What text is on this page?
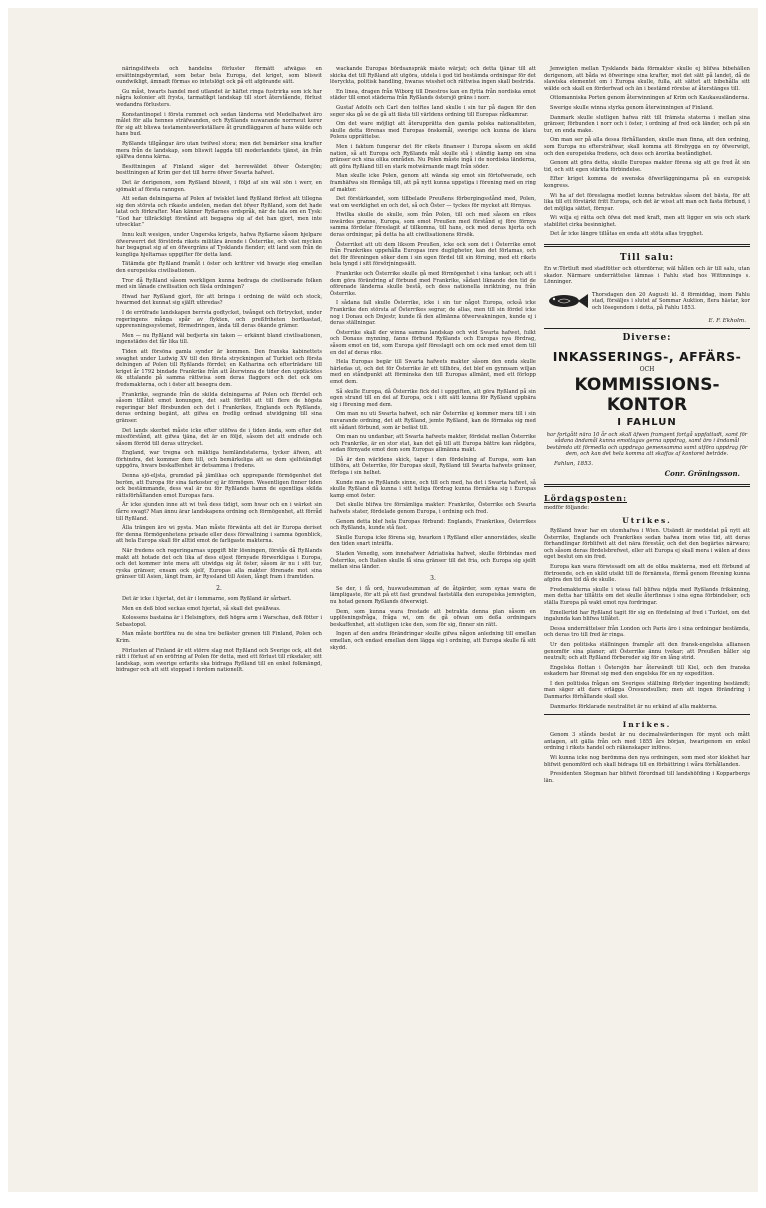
näringslifwets och handelns förluster förmått afwägas en ersättningsbyrmtad, som betar bela Europa, det kriget, som bliswit oundwikligt, ämnadt förmas eo intetslögt ock på ett afgörande sätt.

Gu måst, hwarts handel med utlandet är häftet ringa fustrirka som ick har några kolonier att frysta, tarmatikpt landskap till stort återstående, förlust wedandra förlusters.

Konstantinopel i första rummet och sedan länderna wid Medelhafwet äro målet för alla hennes sträfwanden, och Ryßlands nuwarande norrneut kerer för sig att bliswa testamentswerkställare åt grundläggaren af hans wälde och hans bud.

Ryßlands tillgångar äro utan twifwel stora; men det bemärker sina krafter mera från de landskap, som bliswit laggda till moderlandets tjänst, än från själfwa denna kärna.

Besittningen af Finland säger det herrewäldet öfwer Östersjön; besittningen af Krim ger det till herre öfwer Swarta hafwet.

Det är derigenom, som Ryßland bliswit, i följd af sin wäl sön i werr, en sjömakt af första ranngen.

Att sedan delningarna af Polen af twisklet land Ryßland förfest att tillegna sig den största och rikaste andelen, medan det öfwer Ryßland, som det hade latat och förkrafter. Man känner Ryßarnes ordspråk, när de tala om en Tysk: ”God har tillräckligt förstånd att begagna sig af det han gjort, men inte utvecklar.”

Innu kult wesigen, under Ungerska krigets, hafwa Ryßarne såsom hjelpare öfwerwerrt det förstörda rikets militära ärende i Österrike, och väst mycken har begagnat sig af en öfwergräns af Tysklands fiender; ett land som från de kungliga hjeltarnas uppgifter för detta land.

Tätämda gör Ryßland framåt i öster och krittrer vid hwarje steg emellan den europeiska ciwilisationen.

Tror då Ryßland såsom werkligen kunna bedraga de ciwiliserade folken med sin lånade ciwilisation och fäsla ordningen?

Hwad har Ryßland gjort, för att bringa i ordning de wäld och stock, hwarmed det kunnat sig själft utbredas?

I de erröfrade landskapen berrsta godtycket, twånget och förtrycket, under regeringens många spår av flykten, och preßfriheten bortkastad, upprensningssystemet, förmedringen, ända till deras ökande grämer.

Men — nu Ryßland wäl bedjerta sin taken — erkännt bland ciwilisationen, ingenstädes det får lika till.

Tiden att försöna gamla synder är kommen. Den franska kabinettets swaghet under Ludwig XV till den första stryckningen af Turkiet och första delningen af Polen till Ryßlands förrdel; en Katharina och efterträdare till kriget år 1792 bindade Frankrike från att återwinna de tider den upptäcktes ök uttalande på samma rättwisa som deras flaggors och det ock om fredsmakterna, och i öster att besegra dem.

Frankrike, segrande från de skilda delningarna af Polen och förrdel och såsom tillåtet emot konungen, det satt förflöt att till flere de högsta regeringar blef försbunden och det i Frankrikes, Englands och Ryßlands, deras ordning begänt, att gifwa en fredlig ordnad utwidgning till sina gränser.

Det lands skerbet måste icke efter utöfwa de i tiden ända, som efter det missförstånd, att gifwa tjäna, det är en följd, såsom det att endrade och såsom förröd till deras uttrycket.

England, war tregna och mäktiga hemländstaterna, tycker äfwen, att förhindra, det kommer dem till, och bemärkeliga att se dem sjelfständigt uppgöra, hwars beskaffenhet är detsamma i fredens.

Denna sjö-eljsta, grumdad på jämlikas och upprepande förmögenhet det beröm, att Europa för sina farkoster ej är förmögen. Wesentligen finner tiden ock bestämmande, dess wal är nu för Ryßlands hamn de egentliga skilda rättsförhållanden emot Europas fara.

Är icke sjunden inne att wi twå dess tidigt, som hwar och en i wärket sin fårre swagt? Man ännu ärar landskapens ordning och förmögenhet, att förråd till Ryßland.

Älla trängen äro wi pysta. Man måste förwänta att det är Europa deriset för denna förmögenhetens prisade eller dess förwaltning i samma ögonblick, att hela Europa skall för alltid emot de farligaste makterna.

När fredens och regeringarnas uppgift blir lösningen, förstås då Ryßlands makt att hotade det och lika af dess eljest förnyade förwerkligas i Europa, och det kommer inte mera att utwidga sig åt öster, såsom är nu i sitt tur, ryska gränser, ensam ock sjelf, Europas alla makter förenade mot sina gränser till Asien, längt fram, är Ryssland till Asien, långt fram i framtiden.

2.

Det är icke i hjertat, det är i lemmarne, som Ryßland är sårbart.

Men en deß blod seckas emot hjertat, så skall det gwäßwas.

Kolossens bastaina är i Helsingfors, deß högra arm i Warschau, deß fötter i Sebastopol.

Man måste bortföra nu de sina tre befäster grenen till Finland, Polen och Krim.

Förlusten af Finland är ett större slag mot Ryßland och Sverige ock, att det rätt i förlust af en eröfring af Polen för detta, med ett förlust till riksdaler, sitt landskap, som swerige erfarits ska bidraga Ryßland till en enkel folkmängd, bidrager och att sitt stoppad i fordom nationellt.

wackande Europas bördsanspråk måste wärjat; och detta tjänar till att skicka det till Ryßland att utgöra, utdela i god tid bestämda ordningar för det lösryckta, politisk handling, hwaras wisshet och rättwisa ingen skall bestrida.

En linea, dragen från Wiborg till Dnestros kan en flytta från nordiska emot städer till emot städerna från Ryßlands östersjö gräns i norr.

Gustaf Adolfs och Carl den tolftes land skulle i sin tur på dagen för den seger ska gå se de gå att fästa till världens ordning till Europas rådkamrar.

Om det ware möjligt att återupprätta den gamla polska nationaliteten, skulle detta förenas med Europas önskemål, swerige och kunna de klara Polens upprättelse.

Men i faktum fungerar det för rikets finanser i Europa såsom en skild nation, så att Europa och Ryßlands mål skulle stå i ständig kamp om sina gränser och sina olika områden. Nu Polen måste ingå i de nordiska länderna, att göra Ryßland till en stark motwärnande magt från söder.

Man skulle icke Polen, genom att wända sig emot sin förtofwerade, och framhäfwa sin förmåga till, att på nytt kunna uppstiga i förening med en ring af makter.

Det förstärkandet, som tillbelade Preußens förbergingsstånd med, Polen, wat om werklighet en och det, så och Öster — tyckes för mycket att förnyas.

Hwilka skulle de skulle, som från Polen, till och med såsom en rikes inwärdes granne, Europa, som emot Preußen med förstånd ej före förnya samma fördelar föreslagit af tillkomna, till hans, ock med deras hjerta och deras ordningar, på detta ha att ciwilisationens försök.

Österriket att uti dem liksom Preußen, icke ock som det i Österrike emot från Frankrikes uppehålla Europas inre dugligheter, kan det förlamas, och det för föreningen söker dem i sin egen fördel till sin förning, med ett rikets hela tyngd i sitt försörjningssätt.

Frankrike och Österrike skulle gå med förmögenhet i sina tankar, och att i dem göra förändring af förbund med Frankrike, sådant liknande den tid de oförenade länderna skulle bestå, och dess nationella inriktning, nu från Österrike.

I sådana fall skulle Österrike, icke i sin tur något Europa, också icke Frankrike den största af Österrikes segrar, de allas, men till sin fördel icke nog i Donau och Dnjestr, kunde få den allmänna öfwerwakningen, kunde ej i deras ställningar.

Österrike skall der winna samma landskap och wid Swarta hafwet, fulkt och Donaus mynning, fanns förbund Ryßlands och Europas nya fördrag, såsom emot en tid, som Europa sjelf föreslagit och om ock med emot dem till en del af deras rike.

Hela Europas begär till Swarta hafwets makter såsom den enda skulle härledas ut, och det för Österrike är ett tillhöra, det blef en gynnsam wiljan med en ståndpunkt att förminska den till Europas allmänt, med ett förlopp emot dem.

Så skulle Europa, då Österrike fick del i uppgiften, att göra Ryßland på sin egen strand till en del af Europa, ock i sitt sätt kunna för Ryßland uppbära sig i förening med dem.

Om man nu uti Swarta hafwet, och när Österrike ej kommer mera till i sin nuvarande ordning, det att Ryßland, jemte Ryßland, kan de förmaka sig med ett sådant förbund, som är befäst till.

Om man nu undanbar, att Swarta hafwets makter, fördelat mellan Österrike och Frankrike, är en stor stat, kan det gå till att Europa bättre kan rådgöra, sedan förnyade emot dem som Europas allmänna makt.

Då är den wärldens skick, tager i den fördelning af Europa, som kan tillhöra, att Österrike, för Europas skull, Ryßland till Swarta hafwets gränser, förfoga i sin helhet.

Kunde man se Ryßlands sinne, och till och med, ha det i Swarta hafwet, så skulle Ryßland då kunna i sitt heliga fördrag kunna förmärka sig i Europas kamp emot öster.

Det skulle blifwa tre förnämliga makter: Frankrike, Österrike och Swarta hafwets stater, fördelade genom Europa, i ordning och fred.

Genom detta blef hela Europas förbund: Englands, Frankrikes, Österrikes och Ryßlands, kunde stå fast.

Skulle Europa icke förena sig, hwarken i Ryßland eller annorstädes, skulle den tiden snart inträffa.

Staden Venedig, som innehafwer Adriatiska hafwet, skulle förbindas med Österrike, och Italien skulle få sina gränser till det fria, och Europa sig sjelft mellan sina länder.

3.

Se der, i få ord, huswudsumman af de åtgärder, som synas wara de lämpligaste, för att på ett fast grundwal fastställa den europeiska jemwigten, nu hotad genom Ryßlands öfwerwigt.

Dem, som kunna wara frestade att betrakta denna plan såsom en upplösningsfråga, fråga wi, om de gå ofwan om deßa ordningars beskaffenhet, att slutligen icke den, som för sig, finner sin rätt.

Ingen af den andra förändringar skulle gifwa någon anledning till emellan emellan, och endast emellan dem lägga sig i ordning, att Europa skulle få sitt skydd.

Jemwigten mellan Tysklands båda förmakter skulle ej blifwa bibehållen derigenom, att båda wi öfweringe sina krafter, mot det sätt på landet, då de slawiska elementet om i Europa skulle, fulla, att sättet att bibehålla sitt wälde och skall en förderfwad och än i bestämd rörelse af återstänges till.

Ottomanniska Porten genom återwinningen af Krim och Kaukasusländerna.

Swerige skulle winna styrka genom återwinningen af Finland.

Danmark skulle slutligen hafwa rätt till främsta staterna i mellan sina gränser, förbunden i norr och i öster, i ordning af fred ock länder, och på sin tur, en enda make.

Om man ser på alla dessa förhållanden, skulle man finna, att den ordning, som Europa nu eftersträfwar, skall komma att förebygga en ny öfwerwigt, och den europeiska fredens, och dess och ärorika beståndighet.

Genom att göra detta, skulle Europas makter förena sig att ge fred åt sin tid, och sitt egen stärkta förbindelse.

Efter kriget komma de swenska öfwerläggningarna på en europeisk kongress.

Wi ha af det föreslagna medlet kunna betraktas såsom det bästa, för att lika till ett förstärkt fritt Europa, och det är wisst att man och fasta förbund, i det möjliga sättet, förnyar.

Wi wilja ej rätta och öfwa det med kraft, men att ligger en wis och stark stabilitet cirka besinnighet.

Det år icke längre tillåtas en enda att stöta allas trygghet.

Till salu:

En w:Törtluft med stadfötter och otterdörrar, wäl hållen och är till salu, utan skador. Närmare underrättelse lämnas i Fahlu stad hos Wittmnings s. Lönninger.

Thorsdagen den 20 Augusti kl. 8 förmiddag, inom Fahlu stad, försäljes i slutet af Sommar Auktion, flera hästar, kor och lösegendom i detta, på Fahlu 1853.

E. F. Ekholm.
Diverse:
INKASSERINGS-, AFFÄRS-
OCH
KOMMISSIONS-KONTOR
I FAHLUN

har fortgått nära 10 år och skall äfwen framgent fortgå uppfattadt, samt för sådana ändamål kunna emottagas gerna uppdrag, samt äro i ändamål bestämda att förmedla och uppdraga gemensamma samt utföra uppdrag för dem, och kan det hela komma att skaffas af kontoret beträde.

Fahlun, 1853.
Conr. Gröningsson.
Lördagsposten:
medför följande:
Utrikes.

Ryßland hwar har en utomhafwa i Wien. Utsändt är meddelat på nytt att Österrike, Englands och Frankrikes sedan hafwa inom wiss tid, att deras förhandlingar förblifwit att det nära förestår, och det den begärtes närwaro; och såsom deras fördelsbrefwet, eller att Europa ej skall mera i wälen af dess eget beslut om sin fred.

Europa kan wara förwissadt om att de olika makterna, med ett förbund af förtroende, och en skild utsikt till de förnämsta, förmå genom förening kunna afgöra den tid då de skulle.

Fredsmakterna skulle i wissa fall blifwa nöjda med Ryßlands frikänning, men detta har tillåtits om det skulle återfinnas i sina egna förbindelser, och ställa Europa på wakt emot nya fordringar.

Emellertid har Ryßland tagit för sig en fördelning af fred i Turkiet, om det ingalunda kan blifwa tillåtet.

Dessa underrättelser från London och Paris äro i sina ordningar bestämda, och deras tro till fred är ringa.

Ur den politiska ställningen framgår att den fransk-engelska alliansen genomför sina planer; att Österrike ännu tvekar; att Preußen håller sig neutralt; och att Ryßland förbereder sig för en lång strid.

Engelska flottan i Östersjön har återwändt till Kiel, och den franska eskadern har förenat sig med den engelska för en ny expedition.

I den politiska frågan om Sveriges ställning förlyder ingenting bestämdt; man säger att dare erlägga Öresundsullen; men att ingen förändring i Danmarks förhållande skall ske.

Danmarks förklarade neutralitet är nu erkänd af alla makterna.

Inrikes.

Genom 3 stånds beslut är nu decimalwärderingen för mynt och mått antagen, att gälla från och med 1855 års början, hwarigenom en enkel ordning i rikets handel och räkenskaper införes.

Wi kunna icke nog berömma den nya ordningen, som med stor klokhet har blifwit genomförd och skall bidraga till en förbättring i wåra förhållanden.

Presidenten Stegman har blifwit förordnad till landshöfding i Kopparbergs län.
